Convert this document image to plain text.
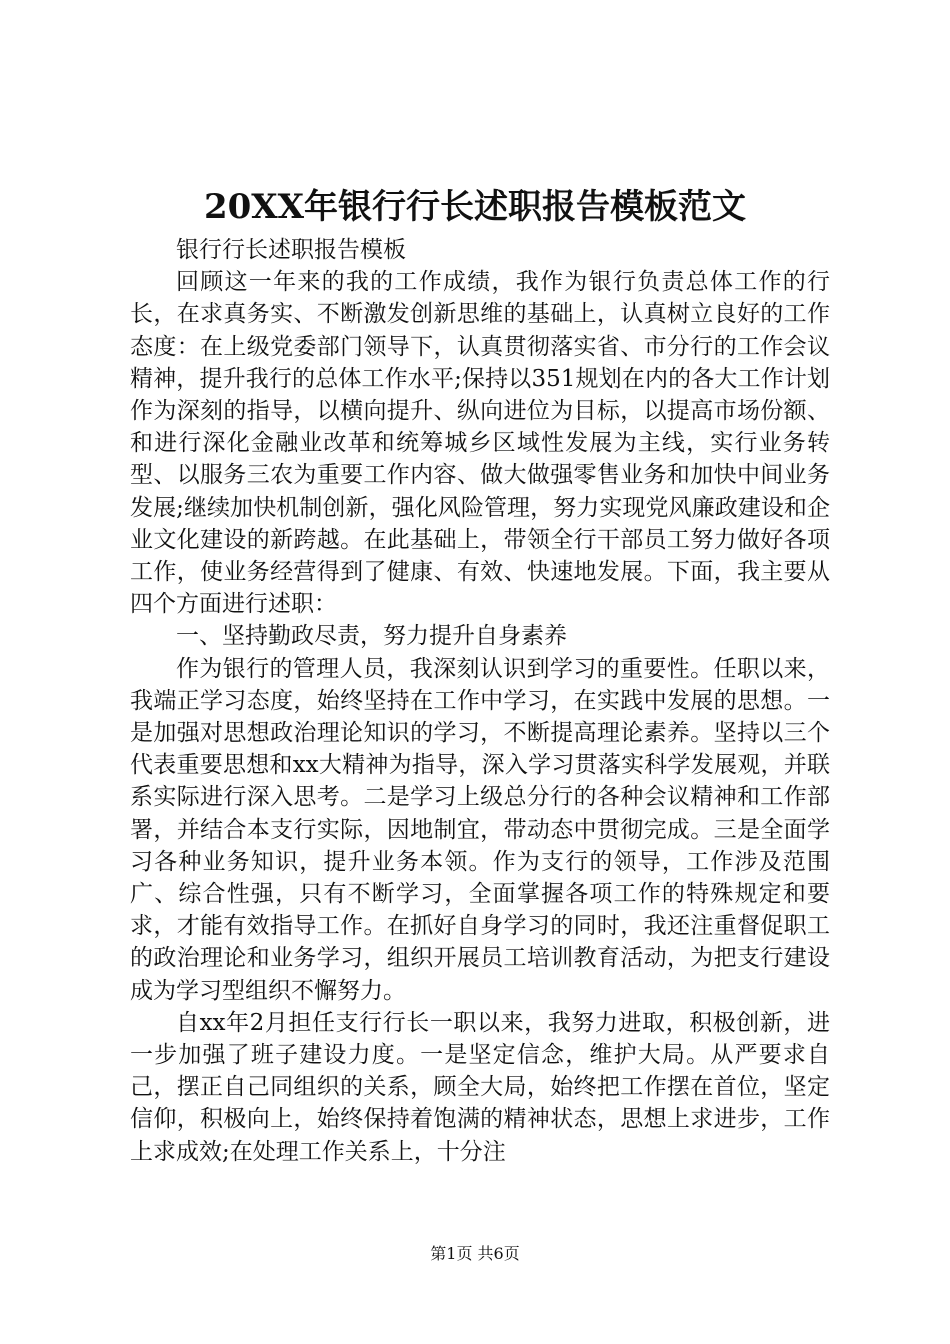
20XX年银行行长述职报告模板范文

银行行长述职报告模板

回顾这一年来的我的工作成绩，我作为银行负责总体工作的行长，在求真务实、不断激发创新思维的基础上，认真树立良好的工作态度：在上级党委部门领导下，认真贯彻落实省、市分行的工作会议精神，提升我行的总体工作水平;保持以351规划在内的各大工作计划作为深刻的指导，以横向提升、纵向进位为目标，以提高市场份额、和进行深化金融业改革和统筹城乡区域性发展为主线，实行业务转型、以服务三农为重要工作内容、做大做强零售业务和加快中间业务发展;继续加快机制创新，强化风险管理，努力实现党风廉政建设和企业文化建设的新跨越。在此基础上，带领全行干部员工努力做好各项工作，使业务经营得到了健康、有效、快速地发展。下面，我主要从四个方面进行述职：

一、坚持勤政尽责，努力提升自身素养

作为银行的管理人员，我深刻认识到学习的重要性。任职以来，我端正学习态度，始终坚持在工作中学习，在实践中发展的思想。一是加强对思想政治理论知识的学习，不断提高理论素养。坚持以三个代表重要思想和xx大精神为指导，深入学习贯落实科学发展观，并联系实际进行深入思考。二是学习上级总分行的各种会议精神和工作部署，并结合本支行实际，因地制宜，带动态中贯彻完成。三是全面学习各种业务知识，提升业务本领。作为支行的领导，工作涉及范围广、综合性强，只有不断学习，全面掌握各项工作的特殊规定和要求，才能有效指导工作。在抓好自身学习的同时，我还注重督促职工的政治理论和业务学习，组织开展员工培训教育活动，为把支行建设成为学习型组织不懈努力。

自xx年2月担任支行行长一职以来，我努力进取，积极创新，进一步加强了班子建设力度。一是坚定信念，维护大局。从严要求自己，摆正自己同组织的关系，顾全大局，始终把工作摆在首位，坚定信仰，积极向上，始终保持着饱满的精神状态，思想上求进步，工作上求成效;在处理工作关系上，十分注

第1页 共6页
